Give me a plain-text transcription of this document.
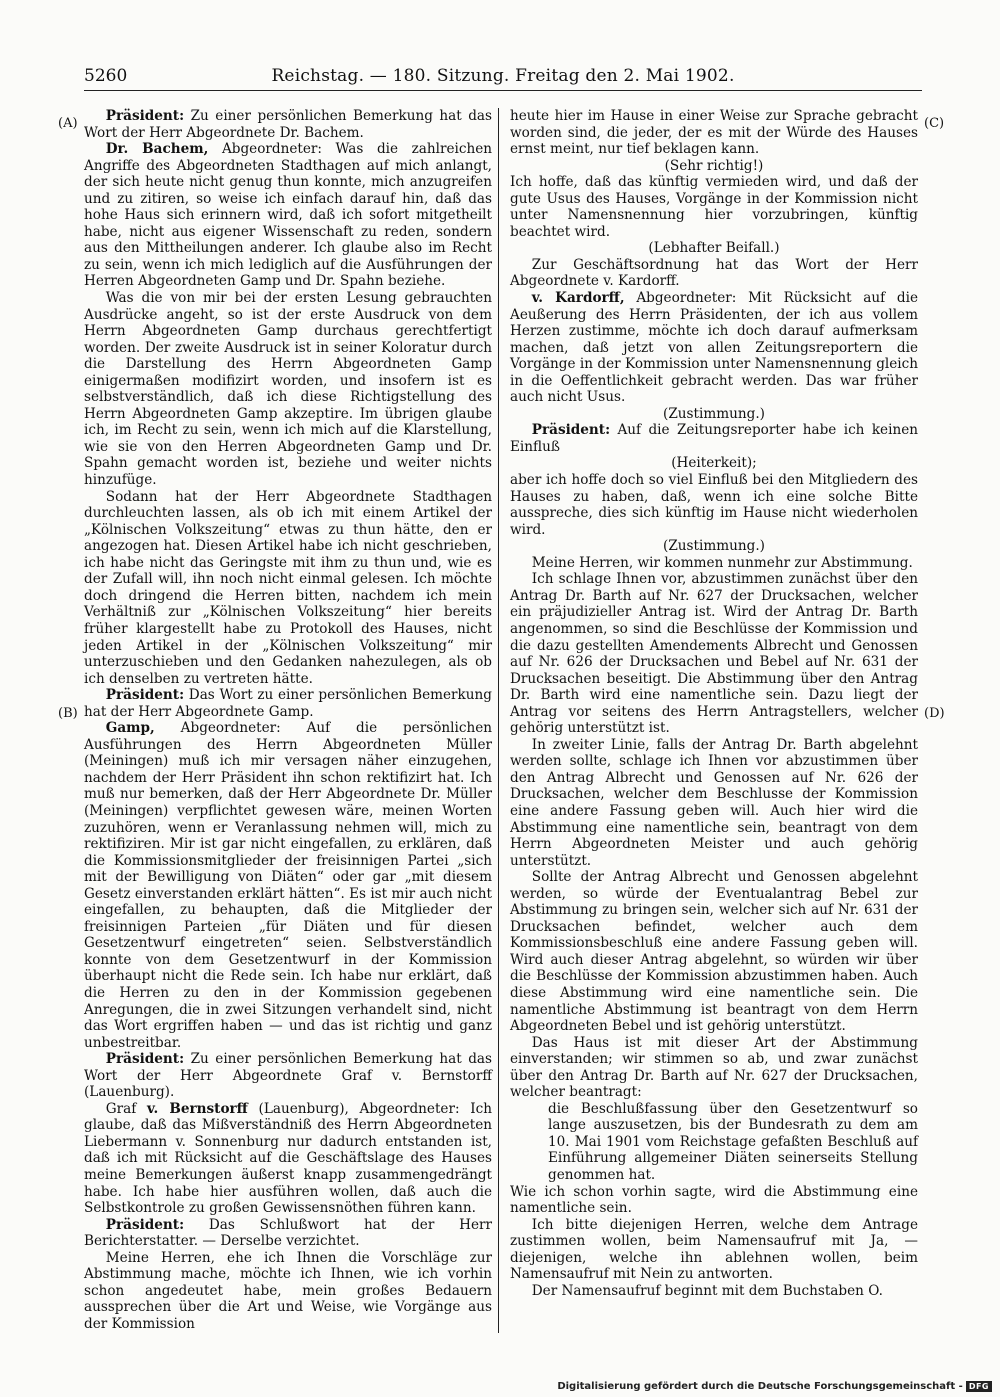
5260	Reichstag. — 180. Sitzung. Freitag den 2. Mai 1902.
(A)
(B)
(C)
(D)

Präsident: Zu einer persönlichen Bemerkung hat das Wort der Herr Abgeordnete Dr. Bachem.

Dr. Bachem, Abgeordneter: Was die zahlreichen Angriffe des Abgeordneten Stadthagen auf mich anlangt, der sich heute nicht genug thun konnte, mich anzugreifen und zu zitiren, so weise ich einfach darauf hin, daß das hohe Haus sich erinnern wird, daß ich sofort mitgetheilt habe, nicht aus eigener Wissenschaft zu reden, sondern aus den Mittheilungen anderer. Ich glaube also im Recht zu sein, wenn ich mich lediglich auf die Ausführungen der Herren Abgeordneten Gamp und Dr. Spahn beziehe.

Was die von mir bei der ersten Lesung gebrauchten Ausdrücke angeht, so ist der erste Ausdruck von dem Herrn Abgeordneten Gamp durchaus gerechtfertigt worden. Der zweite Ausdruck ist in seiner Koloratur durch die Darstellung des Herrn Abgeordneten Gamp einigermaßen modifizirt worden, und insofern ist es selbstverständlich, daß ich diese Richtigstellung des Herrn Abgeordneten Gamp akzeptire. Im übrigen glaube ich, im Recht zu sein, wenn ich mich auf die Klarstellung, wie sie von den Herren Abgeordneten Gamp und Dr. Spahn gemacht worden ist, beziehe und weiter nichts hinzufüge.

Sodann hat der Herr Abgeordnete Stadthagen durchleuchten lassen, als ob ich mit einem Artikel der „Kölnischen Volkszeitung“ etwas zu thun hätte, den er angezogen hat. Diesen Artikel habe ich nicht geschrieben, ich habe nicht das Geringste mit ihm zu thun und, wie es der Zufall will, ihn noch nicht einmal gelesen. Ich möchte doch dringend die Herren bitten, nachdem ich mein Verhältniß zur „Kölnischen Volkszeitung“ hier bereits früher klargestellt habe zu Protokoll des Hauses, nicht jeden Artikel in der „Kölnischen Volkszeitung“ mir unterzuschieben und den Gedanken nahezulegen, als ob ich denselben zu vertreten hätte.

Präsident: Das Wort zu einer persönlichen Bemerkung hat der Herr Abgeordnete Gamp.

Gamp, Abgeordneter: Auf die persönlichen Ausführungen des Herrn Abgeordneten Müller (Meiningen) muß ich mir versagen näher einzugehen, nachdem der Herr Präsident ihn schon rektifizirt hat. Ich muß nur bemerken, daß der Herr Abgeordnete Dr. Müller (Meiningen) verpflichtet gewesen wäre, meinen Worten zuzuhören, wenn er Veranlassung nehmen will, mich zu rektifiziren. Mir ist gar nicht eingefallen, zu erklären, daß die Kommissionsmitglieder der freisinnigen Partei „sich mit der Bewilligung von Diäten“ oder gar „mit diesem Gesetz einverstanden erklärt hätten“. Es ist mir auch nicht eingefallen, zu behaupten, daß die Mitglieder der freisinnigen Parteien „für Diäten und für diesen Gesetzentwurf eingetreten“ seien. Selbstverständlich konnte von dem Gesetzentwurf in der Kommission überhaupt nicht die Rede sein. Ich habe nur erklärt, daß die Herren zu den in der Kommission gegebenen Anregungen, die in zwei Sitzungen verhandelt sind, nicht das Wort ergriffen haben — und das ist richtig und ganz unbestreitbar.

Präsident: Zu einer persönlichen Bemerkung hat das Wort der Herr Abgeordnete Graf v. Bernstorff (Lauenburg).

Graf v. Bernstorff (Lauenburg), Abgeordneter: Ich glaube, daß das Mißverständniß des Herrn Abgeordneten Liebermann v. Sonnenburg nur dadurch entstanden ist, daß ich mit Rücksicht auf die Geschäftslage des Hauses meine Bemerkungen äußerst knapp zusammengedrängt habe. Ich habe hier ausführen wollen, daß auch die Selbstkontrole zu großen Gewissensnöthen führen kann.

Präsident: Das Schlußwort hat der Herr Berichterstatter. — Derselbe verzichtet.

Meine Herren, ehe ich Ihnen die Vorschläge zur Abstimmung mache, möchte ich Ihnen, wie ich vorhin schon angedeutet habe, mein großes Bedauern aussprechen über die Art und Weise, wie Vorgänge aus der Kommission

heute hier im Hause in einer Weise zur Sprache gebracht worden sind, die jeder, der es mit der Würde des Hauses ernst meint, nur tief beklagen kann.

(Sehr richtig!)

Ich hoffe, daß das künftig vermieden wird, und daß der gute Usus des Hauses, Vorgänge in der Kommission nicht unter Namensnennung hier vorzubringen, künftig beachtet wird.

(Lebhafter Beifall.)

Zur Geschäftsordnung hat das Wort der Herr Abgeordnete v. Kardorff.

v. Kardorff, Abgeordneter: Mit Rücksicht auf die Aeußerung des Herrn Präsidenten, der ich aus vollem Herzen zustimme, möchte ich doch darauf aufmerksam machen, daß jetzt von allen Zeitungsreportern die Vorgänge in der Kommission unter Namensnennung gleich in die Oeffentlichkeit gebracht werden. Das war früher auch nicht Usus.

(Zustimmung.)

Präsident: Auf die Zeitungsreporter habe ich keinen Einfluß

(Heiterkeit);

aber ich hoffe doch so viel Einfluß bei den Mitgliedern des Hauses zu haben, daß, wenn ich eine solche Bitte ausspreche, dies sich künftig im Hause nicht wiederholen wird.

(Zustimmung.)

Meine Herren, wir kommen nunmehr zur Abstimmung.

Ich schlage Ihnen vor, abzustimmen zunächst über den Antrag Dr. Barth auf Nr. 627 der Drucksachen, welcher ein präjudizieller Antrag ist. Wird der Antrag Dr. Barth angenommen, so sind die Beschlüsse der Kommission und die dazu gestellten Amendements Albrecht und Genossen auf Nr. 626 der Drucksachen und Bebel auf Nr. 631 der Drucksachen beseitigt. Die Abstimmung über den Antrag Dr. Barth wird eine namentliche sein. Dazu liegt der Antrag vor seitens des Herrn Antragstellers, welcher gehörig unterstützt ist.

In zweiter Linie, falls der Antrag Dr. Barth abgelehnt werden sollte, schlage ich Ihnen vor abzustimmen über den Antrag Albrecht und Genossen auf Nr. 626 der Drucksachen, welcher dem Beschlusse der Kommission eine andere Fassung geben will. Auch hier wird die Abstimmung eine namentliche sein, beantragt von dem Herrn Abgeordneten Meister und auch gehörig unterstützt.

Sollte der Antrag Albrecht und Genossen abgelehnt werden, so würde der Eventualantrag Bebel zur Abstimmung zu bringen sein, welcher sich auf Nr. 631 der Drucksachen befindet, welcher auch dem Kommissionsbeschluß eine andere Fassung geben will. Wird auch dieser Antrag abgelehnt, so würden wir über die Beschlüsse der Kommission abzustimmen haben. Auch diese Abstimmung wird eine namentliche sein. Die namentliche Abstimmung ist beantragt von dem Herrn Abgeordneten Bebel und ist gehörig unterstützt.

Das Haus ist mit dieser Art der Abstimmung einverstanden; wir stimmen so ab, und zwar zunächst über den Antrag Dr. Barth auf Nr. 627 der Drucksachen, welcher beantragt:

die Beschlußfassung über den Gesetzentwurf so lange auszusetzen, bis der Bundesrath zu dem am 10. Mai 1901 vom Reichstage gefaßten Beschluß auf Einführung allgemeiner Diäten seinerseits Stellung genommen hat.

Wie ich schon vorhin sagte, wird die Abstimmung eine namentliche sein.

Ich bitte diejenigen Herren, welche dem Antrage zustimmen wollen, beim Namensaufruf mit Ja, — diejenigen, welche ihn ablehnen wollen, beim Namensaufruf mit Nein zu antworten.

Der Namensaufruf beginnt mit dem Buchstaben O.

Digitalisierung gefördert durch die Deutsche Forschungsgemeinschaft - DFG
